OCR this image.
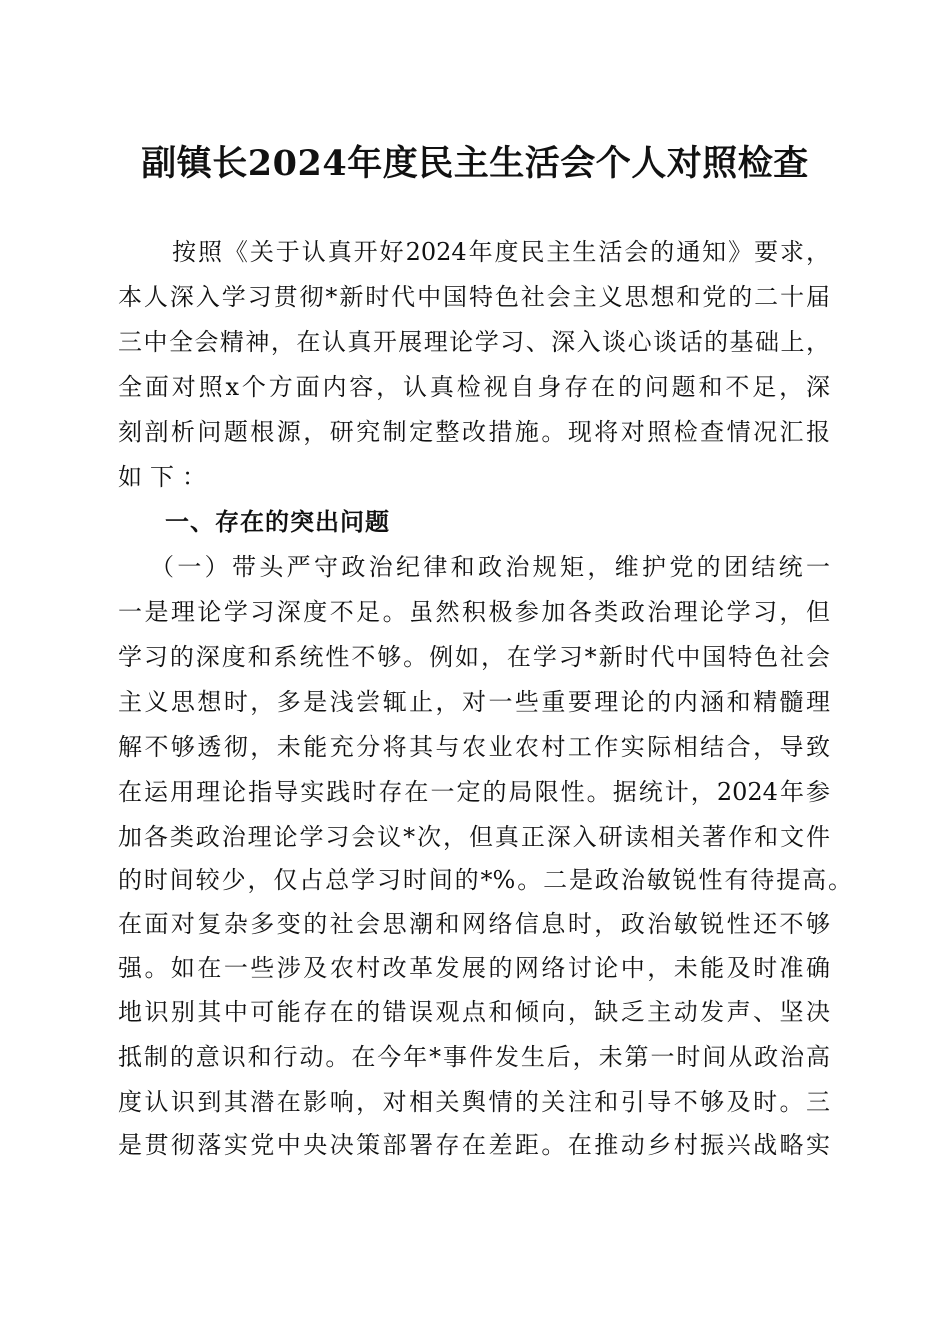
副镇长2024年度民主生活会个人对照检查
按照《关于认真开好2024年度民主生活会的通知》要求，
本人深入学习贯彻*新时代中国特色社会主义思想和党的二十届
三中全会精神，在认真开展理论学习、深入谈心谈话的基础上，
全面对照x个方面内容，认真检视自身存在的问题和不足，深
刻剖析问题根源，研究制定整改措施。现将对照检查情况汇报
如下：
一、存在的突出问题
（一）带头严守政治纪律和政治规矩，维护党的团结统一
一是理论学习深度不足。虽然积极参加各类政治理论学习，但
学习的深度和系统性不够。例如，在学习*新时代中国特色社会
主义思想时，多是浅尝辄止，对一些重要理论的内涵和精髓理
解不够透彻，未能充分将其与农业农村工作实际相结合，导致
在运用理论指导实践时存在一定的局限性。据统计，2024年参
加各类政治理论学习会议*次，但真正深入研读相关著作和文件
的时间较少，仅占总学习时间的*%。二是政治敏锐性有待提高。
在面对复杂多变的社会思潮和网络信息时，政治敏锐性还不够
强。如在一些涉及农村改革发展的网络讨论中，未能及时准确
地识别其中可能存在的错误观点和倾向，缺乏主动发声、坚决
抵制的意识和行动。在今年*事件发生后，未第一时间从政治高
度认识到其潜在影响，对相关舆情的关注和引导不够及时。三
是贯彻落实党中央决策部署存在差距。在推动乡村振兴战略实
